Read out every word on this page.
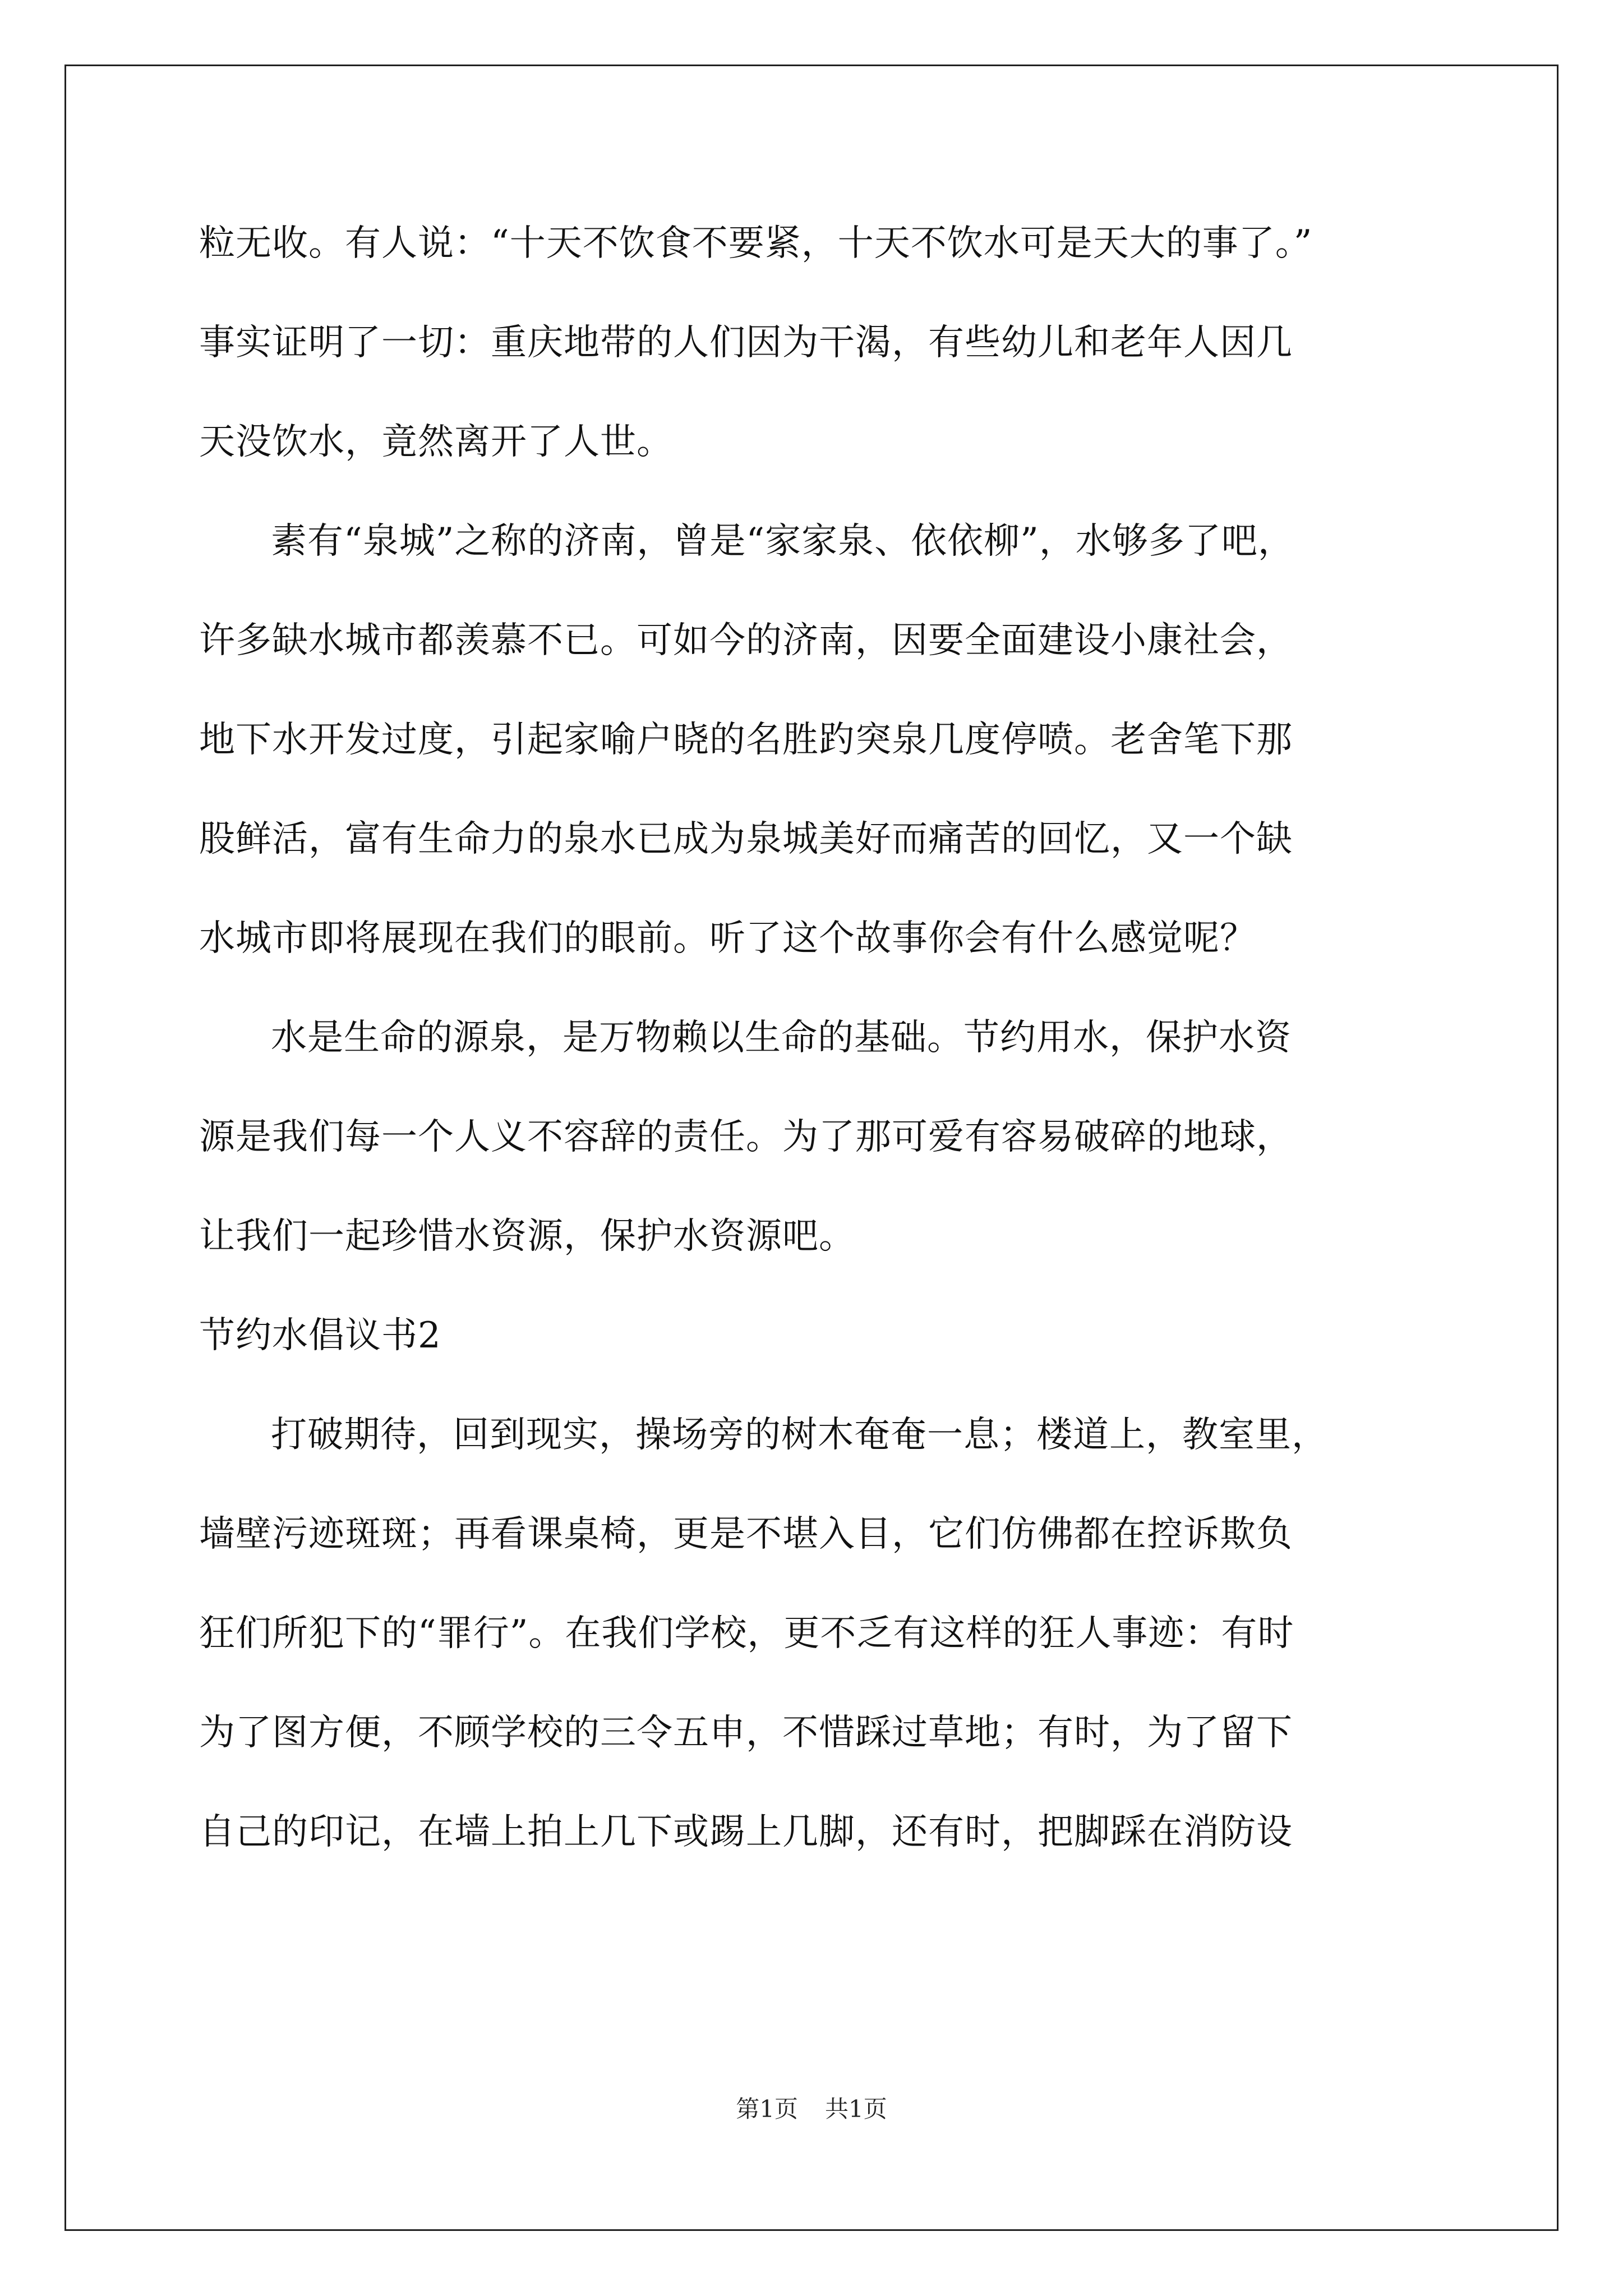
粒无收。有人说：“十天不饮食不要紧，十天不饮水可是天大的事了。”
事实证明了一切：重庆地带的人们因为干渴，有些幼儿和老年人因几
天没饮水，竟然离开了人世。
素有“泉城”之称的济南，曾是“家家泉、依依柳”，水够多了吧，
许多缺水城市都羡慕不已。可如今的济南，因要全面建设小康社会，
地下水开发过度，引起家喻户晓的名胜趵突泉几度停喷。老舍笔下那
股鲜活，富有生命力的泉水已成为泉城美好而痛苦的回忆，又一个缺
水城市即将展现在我们的眼前。听了这个故事你会有什么感觉呢？
水是生命的源泉，是万物赖以生命的基础。节约用水，保护水资
源是我们每一个人义不容辞的责任。为了那可爱有容易破碎的地球，
让我们一起珍惜水资源，保护水资源吧。
节约水倡议书2
打破期待，回到现实，操场旁的树木奄奄一息；楼道上，教室里，
墙壁污迹斑斑；再看课桌椅，更是不堪入目，它们仿佛都在控诉欺负
狂们所犯下的“罪行”。在我们学校，更不乏有这样的狂人事迹：有时
为了图方便，不顾学校的三令五申，不惜踩过草地；有时，为了留下
自己的印记，在墙上拍上几下或踢上几脚，还有时，把脚踩在消防设
第1页 共1页
